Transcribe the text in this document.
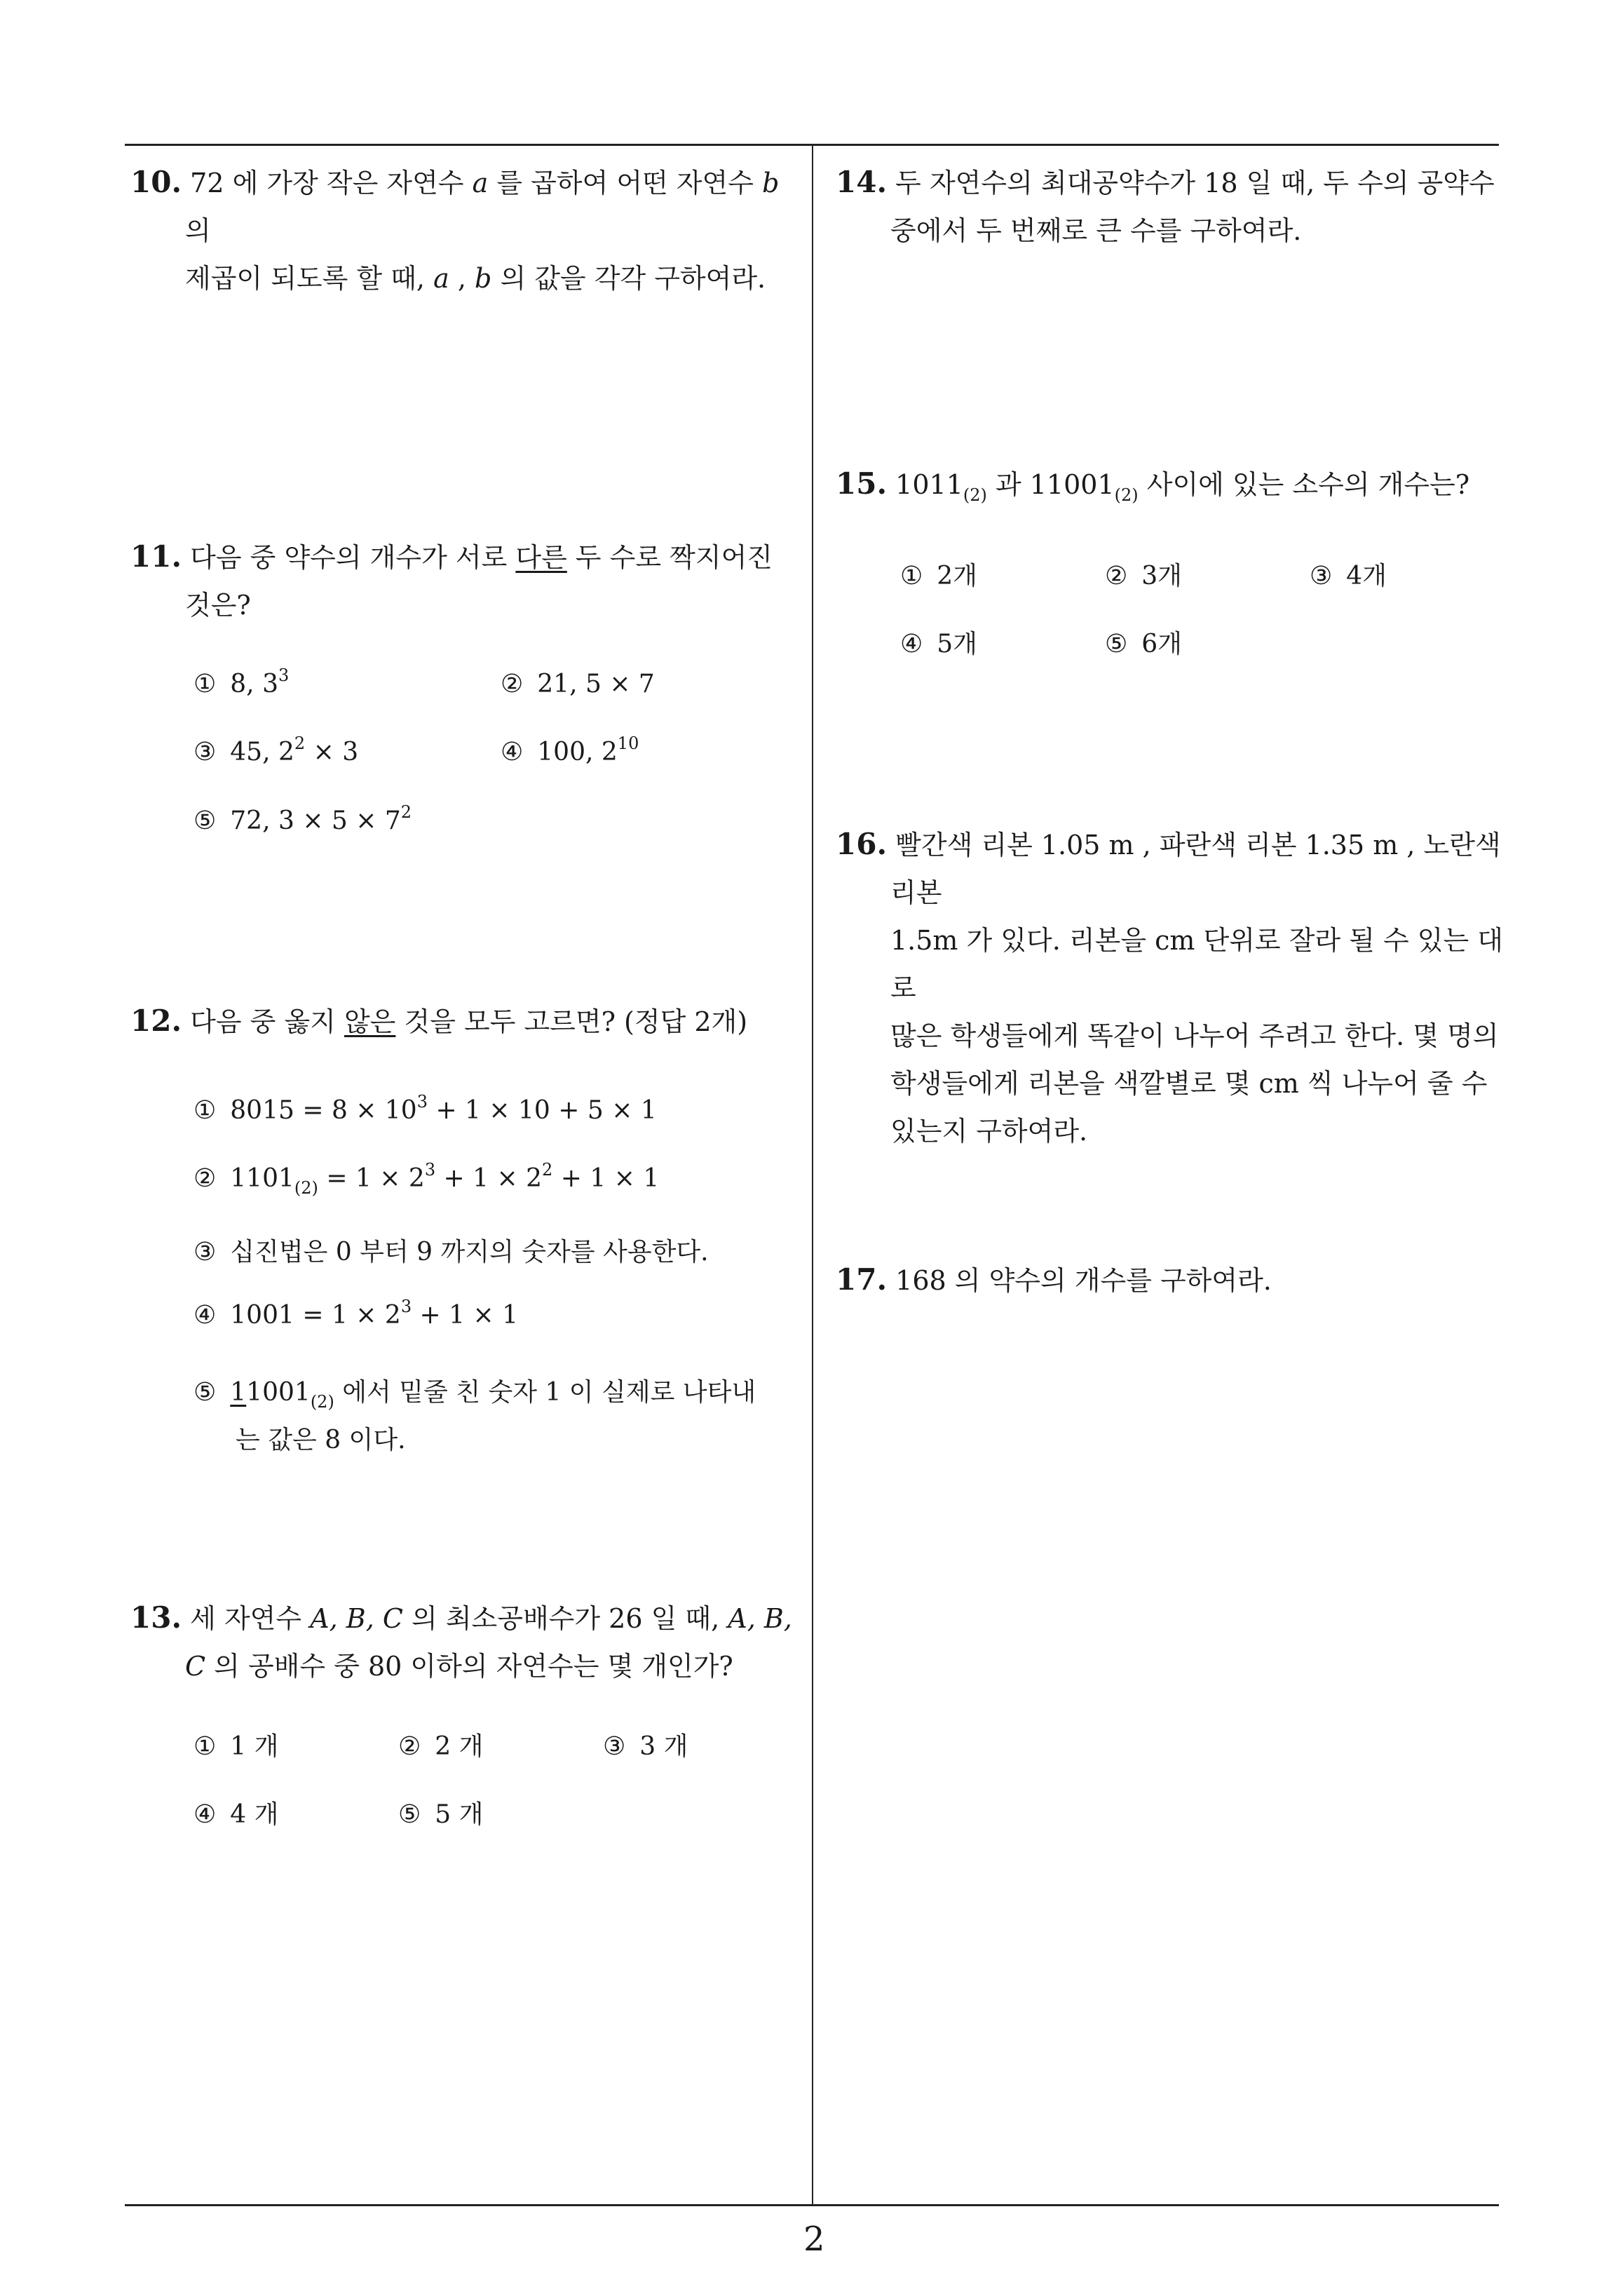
10. 72 에 가장 작은 자연수 a 를 곱하여 어떤 자연수 b 의
제곱이 되도록 할 때, a , b 의 값을 각각 구하여라.
11. 다음 중 약수의 개수가 서로 다른 두 수로 짝지어진
것은?
① 8, $3^3$	② 21, 5 × 7
③ 45, $2^2 \times 3$	④ 100, $2^{10}$
⑤ 72, $3 \times 5 \times 7^2$
12. 다음 중 옳지 않은 것을 모두 고르면? (정답 2개)
① $8015 = 8 \times 10^3 + 1 \times 10 + 5 \times 1$
② $1101_{(2)} = 1 \times 2^3 + 1 \times 2^2 + 1 \times 1$
③ 십진법은 0 부터 9 까지의 숫자를 사용한다.
④ $1001 = 1 \times 2^3 + 1 \times 1$
⑤ $11001_{(2)}$ 에서 밑줄 친 숫자 1 이 실제로 나타내
는 값은 8 이다.
13. 세 자연수 A, B, C 의 최소공배수가 26 일 때, A, B,
C 의 공배수 중 80 이하의 자연수는 몇 개인가?
① 1 개	② 2 개	③ 3 개
④ 4 개	⑤ 5 개
14. 두 자연수의 최대공약수가 18 일 때, 두 수의 공약수
중에서 두 번째로 큰 수를 구하여라.
15. $1011_{(2)}$ 과 $11001_{(2)}$ 사이에 있는 소수의 개수는?
① 2개	② 3개	③ 4개
④ 5개	⑤ 6개
16. 빨간색 리본 1.05 m , 파란색 리본 1.35 m , 노란색 리본
1.5m 가 있다. 리본을 cm 단위로 잘라 될 수 있는 대로
많은 학생들에게 똑같이 나누어 주려고 한다. 몇 명의
학생들에게 리본을 색깔별로 몇 cm 씩 나누어 줄 수
있는지 구하여라.
17. 168 의 약수의 개수를 구하여라.
2
